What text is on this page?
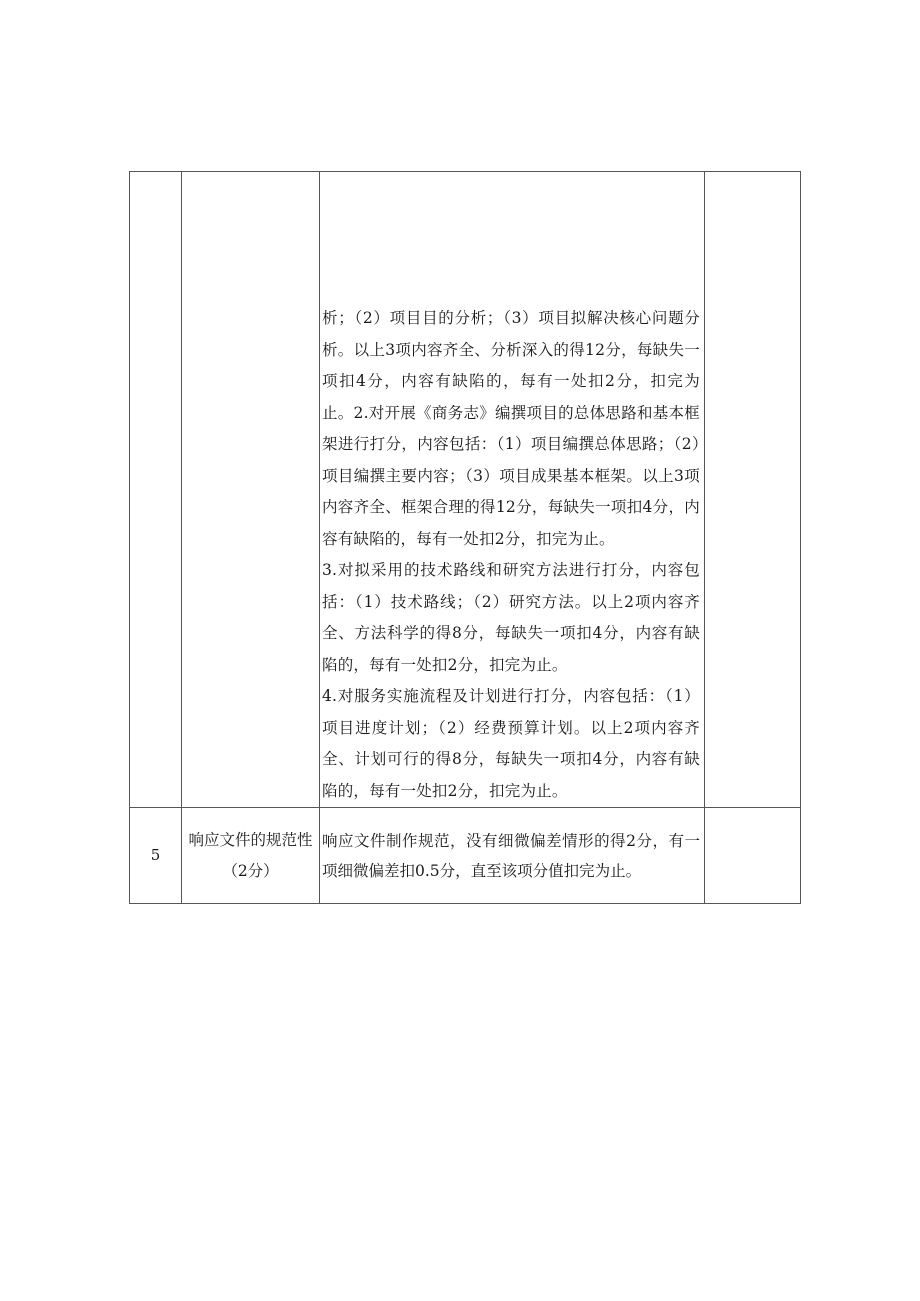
		析；（2）项目目的分析；（3）项目拟解决核心问题分析。以上3项内容齐全、分析深入的得12分，每缺失一项扣4分，内容有缺陷的，每有一处扣2分，扣完为止。2.对开展《商务志》编撰项目的总体思路和基本框架进行打分，内容包括：（1）项目编撰总体思路；（2）项目编撰主要内容；（3）项目成果基本框架。以上3项内容齐全、框架合理的得12分，每缺失一项扣4分，内容有缺陷的，每有一处扣2分，扣完为止。

3.对拟采用的技术路线和研究方法进行打分，内容包括：（1）技术路线；（2）研究方法。以上2项内容齐全、方法科学的得8分，每缺失一项扣4分，内容有缺陷的，每有一处扣2分，扣完为止。

4.对服务实施流程及计划进行打分，内容包括：（1）项目进度计划；（2）经费预算计划。以上2项内容齐全、计划可行的得8分，每缺失一项扣4分，内容有缺陷的，每有一处扣2分，扣完为止。	

5	响应文件的规范性（2分）	响应文件制作规范，没有细微偏差情形的得2分，有一项细微偏差扣0.5分，直至该项分值扣完为止。	
